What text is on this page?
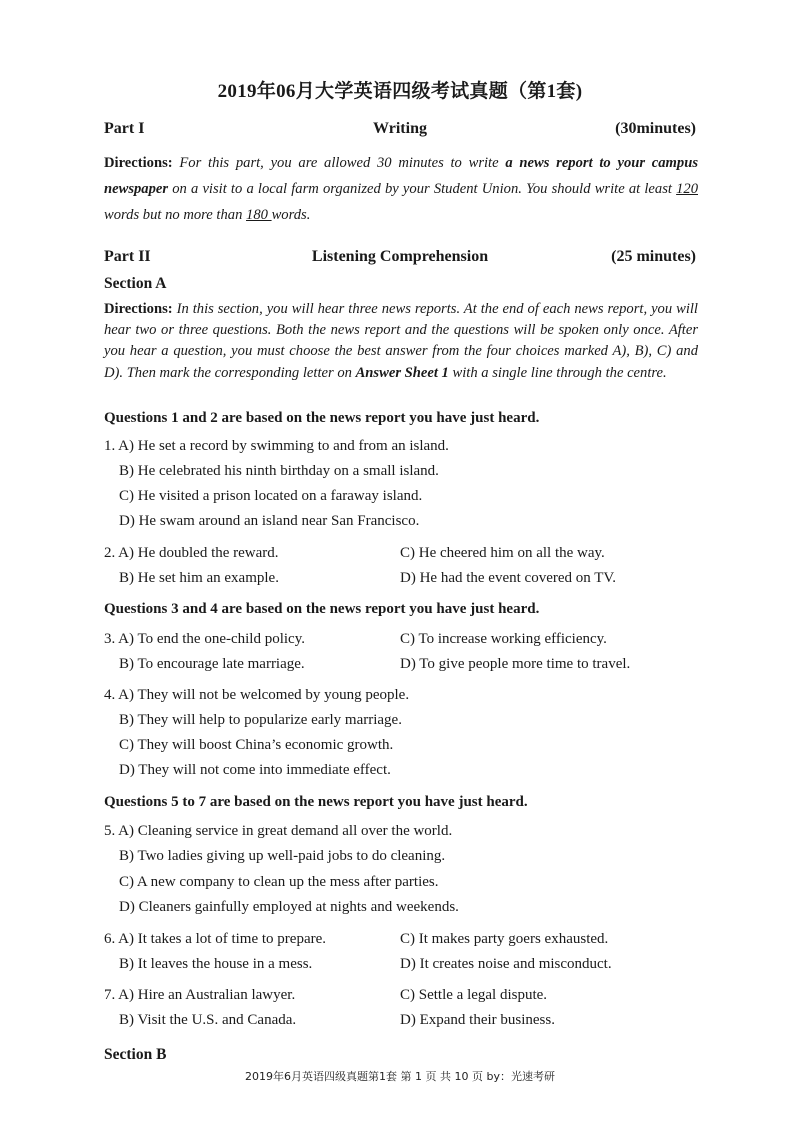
2019年06月大学英语四级考试真题（第1套)
Writing
Part I	(30minutes)
Directions: For this part, you are allowed 30 minutes to write a news report to your campus newspaper on a visit to a local farm organized by your Student Union. You should write at least 120 words but no more than 180 words.
Listening Comprehension
Part II	(25 minutes)
Section A
Directions: In this section, you will hear three news reports. At the end of each news report, you will hear two or three questions. Both the news report and the questions will be spoken only once. After you hear a question, you must choose the best answer from the four choices marked A), B), C) and D). Then mark the corresponding letter on Answer Sheet 1 with a single line through the centre.
Questions 1 and 2 are based on the news report you have just heard.
1. A) He set a record by swimming to and from an island.
B) He celebrated his ninth birthday on a small island.
C) He visited a prison located on a faraway island.
D) He swam around an island near San Francisco.
2. A) He doubled the reward.	C) He cheered him on all the way.
B) He set him an example.	D) He had the event covered on TV.
Questions 3 and 4 are based on the news report you have just heard.
3. A) To end the one-child policy.	C) To increase working efficiency.
B) To encourage late marriage.	D) To give people more time to travel.
4. A) They will not be welcomed by young people.
B) They will help to popularize early marriage.
C) They will boost China’s economic growth.
D) They will not come into immediate effect.
Questions 5 to 7 are based on the news report you have just heard.
5. A) Cleaning service in great demand all over the world.
B) Two ladies giving up well-paid jobs to do cleaning.
C) A new company to clean up the mess after parties.
D) Cleaners gainfully employed at nights and weekends.
6. A) It takes a lot of time to prepare.	C) It makes party goers exhausted.
B) It leaves the house in a mess.	D) It creates noise and misconduct.
7. A) Hire an Australian lawyer.	C) Settle a legal dispute.
B) Visit the U.S. and Canada.	D) Expand their business.
Section B
2019年6月英语四级真题第1套 第 1 页 共 10 页 by：光速考研
